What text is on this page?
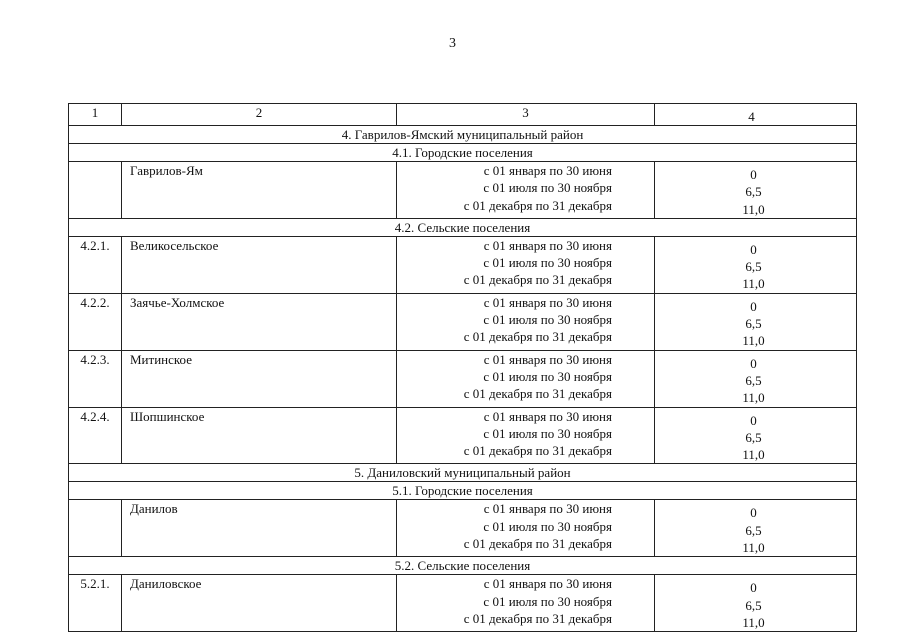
3
1	2	3	4
4. Гаврилов-Ямский муниципальный район			
4.1. Городские поселения			
	Гаврилов-Ям	с 01 января по 30 июня
с 01 июля по 30 ноября
с 01 декабря по 31 декабря	0
6,5
11,0

4.2. Сельские поселения			
4.2.1.	Великосельское	с 01 января по 30 июня
с 01 июля по 30 ноября
с 01 декабря по 31 декабря	0
6,5
11,0

4.2.2.	Заячье-Холмское	с 01 января по 30 июня
с 01 июля по 30 ноября
с 01 декабря по 31 декабря	0
6,5
11,0

4.2.3.	Митинское	с 01 января по 30 июня
с 01 июля по 30 ноября
с 01 декабря по 31 декабря	0
6,5
11,0

4.2.4.	Шопшинское	с 01 января по 30 июня
с 01 июля по 30 ноября
с 01 декабря по 31 декабря	0
6,5
11,0

5. Даниловский муниципальный район			
5.1. Городские поселения			
	Данилов	с 01 января по 30 июня
с 01 июля по 30 ноября
с 01 декабря по 31 декабря	0
6,5
11,0

5.2. Сельские поселения			
5.2.1.	Даниловское	с 01 января по 30 июня
с 01 июля по 30 ноября
с 01 декабря по 31 декабря	0
6,5
11,0
